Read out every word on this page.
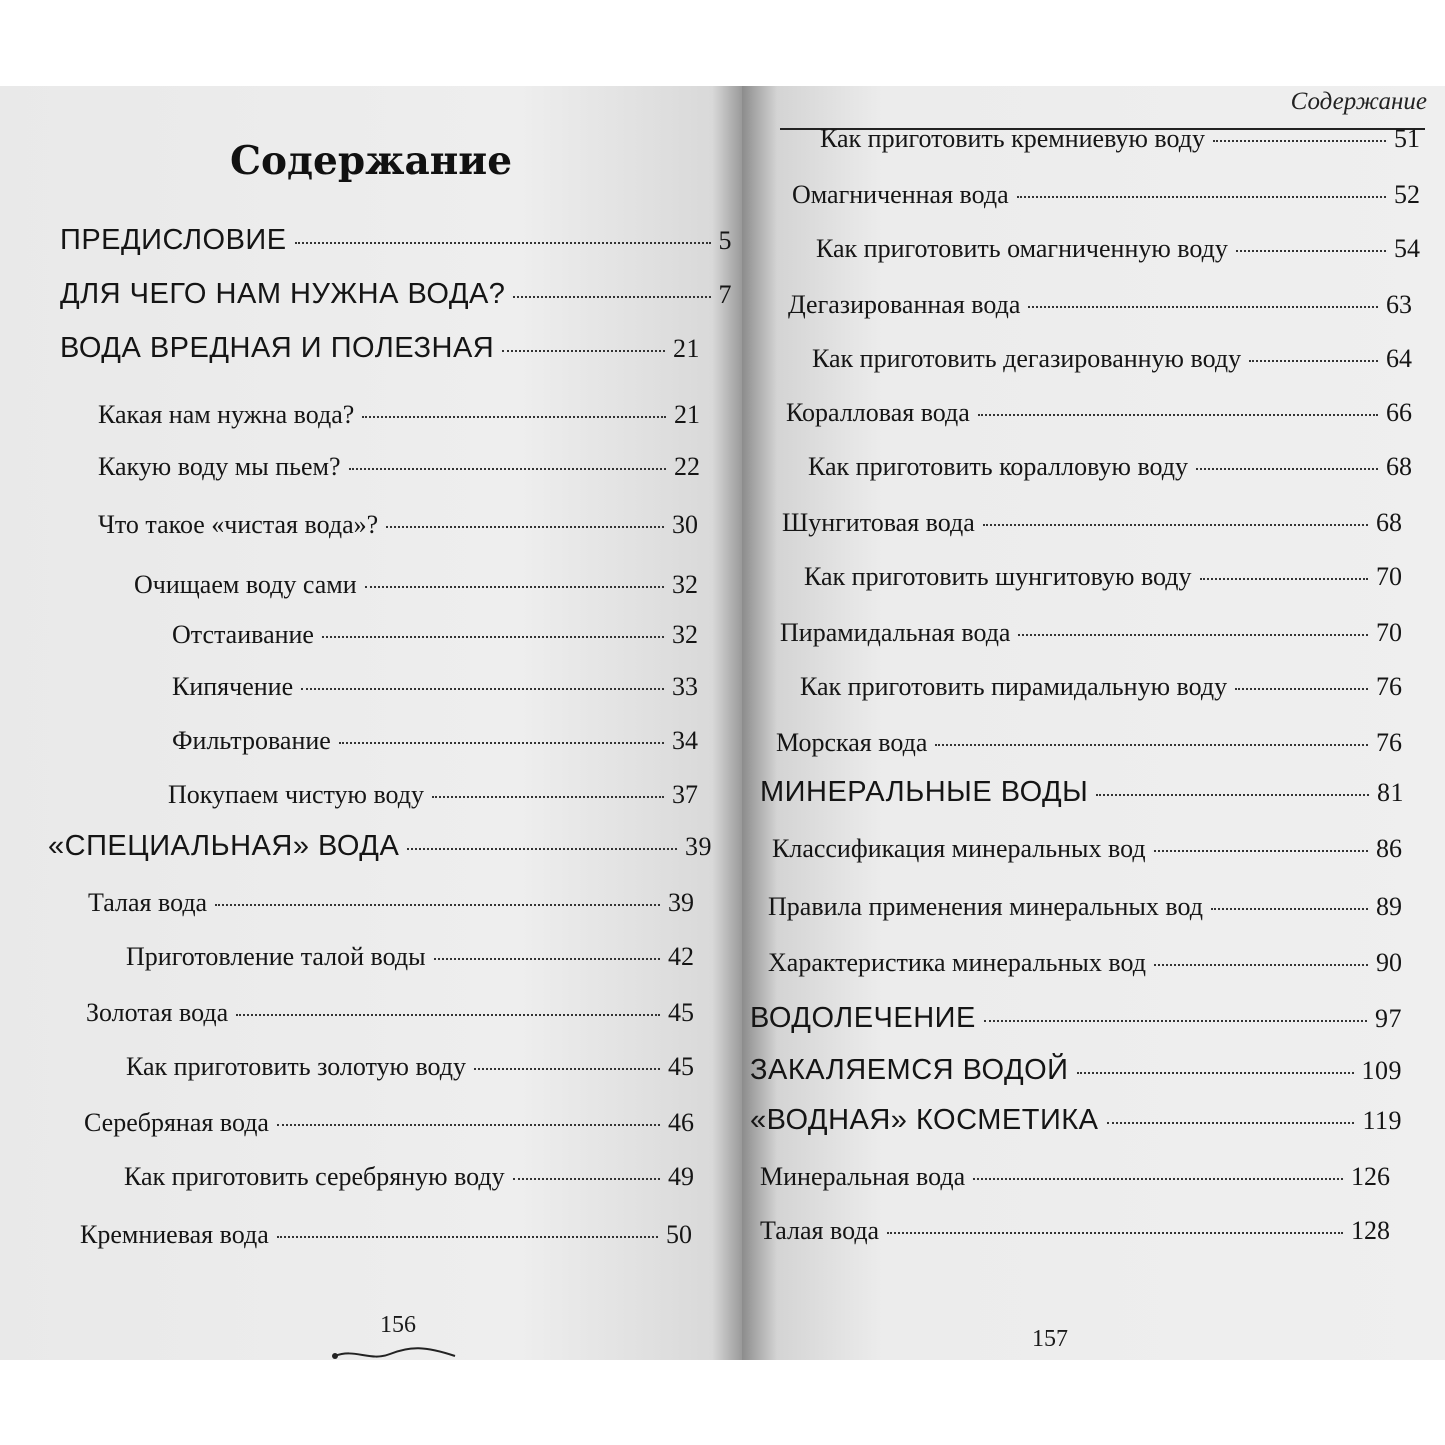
Содержание
ПРЕДИСЛОВИЕ	5
ДЛЯ ЧЕГО НАМ НУЖНА ВОДА?	7
ВОДА ВРЕДНАЯ И ПОЛЕЗНАЯ	21
Какая нам нужна вода?	21
Какую воду мы пьем?	22
Что такое «чистая вода»?	30
Очищаем воду сами	32
Отстаивание	32
Кипячение	33
Фильтрование	34
Покупаем чистую воду	37
«СПЕЦИАЛЬНАЯ» ВОДА	39
Талая вода	39
Приготовление талой воды	42
Золотая вода	45
Как приготовить золотую воду	45
Серебряная вода	46
Как приготовить серебряную воду	49
Кремниевая вода	50
156
Содержание
Как приготовить кремниевую воду	51
Омагниченная вода	52
Как приготовить омагниченную воду	54
Дегазированная вода	63
Как приготовить дегазированную воду	64
Коралловая вода	66
Как приготовить коралловую воду	68
Шунгитовая вода	68
Как приготовить шунгитовую воду	70
Пирамидальная вода	70
Как приготовить пирамидальную воду	76
Морская вода	76
МИНЕРАЛЬНЫЕ ВОДЫ	81
Классификация минеральных вод	86
Правила применения минеральных вод	89
Характеристика минеральных вод	90
ВОДОЛЕЧЕНИЕ	97
ЗАКАЛЯЕМСЯ ВОДОЙ	109
«ВОДНАЯ» КОСМЕТИКА	119
Минеральная вода	126
Талая вода	128
157
